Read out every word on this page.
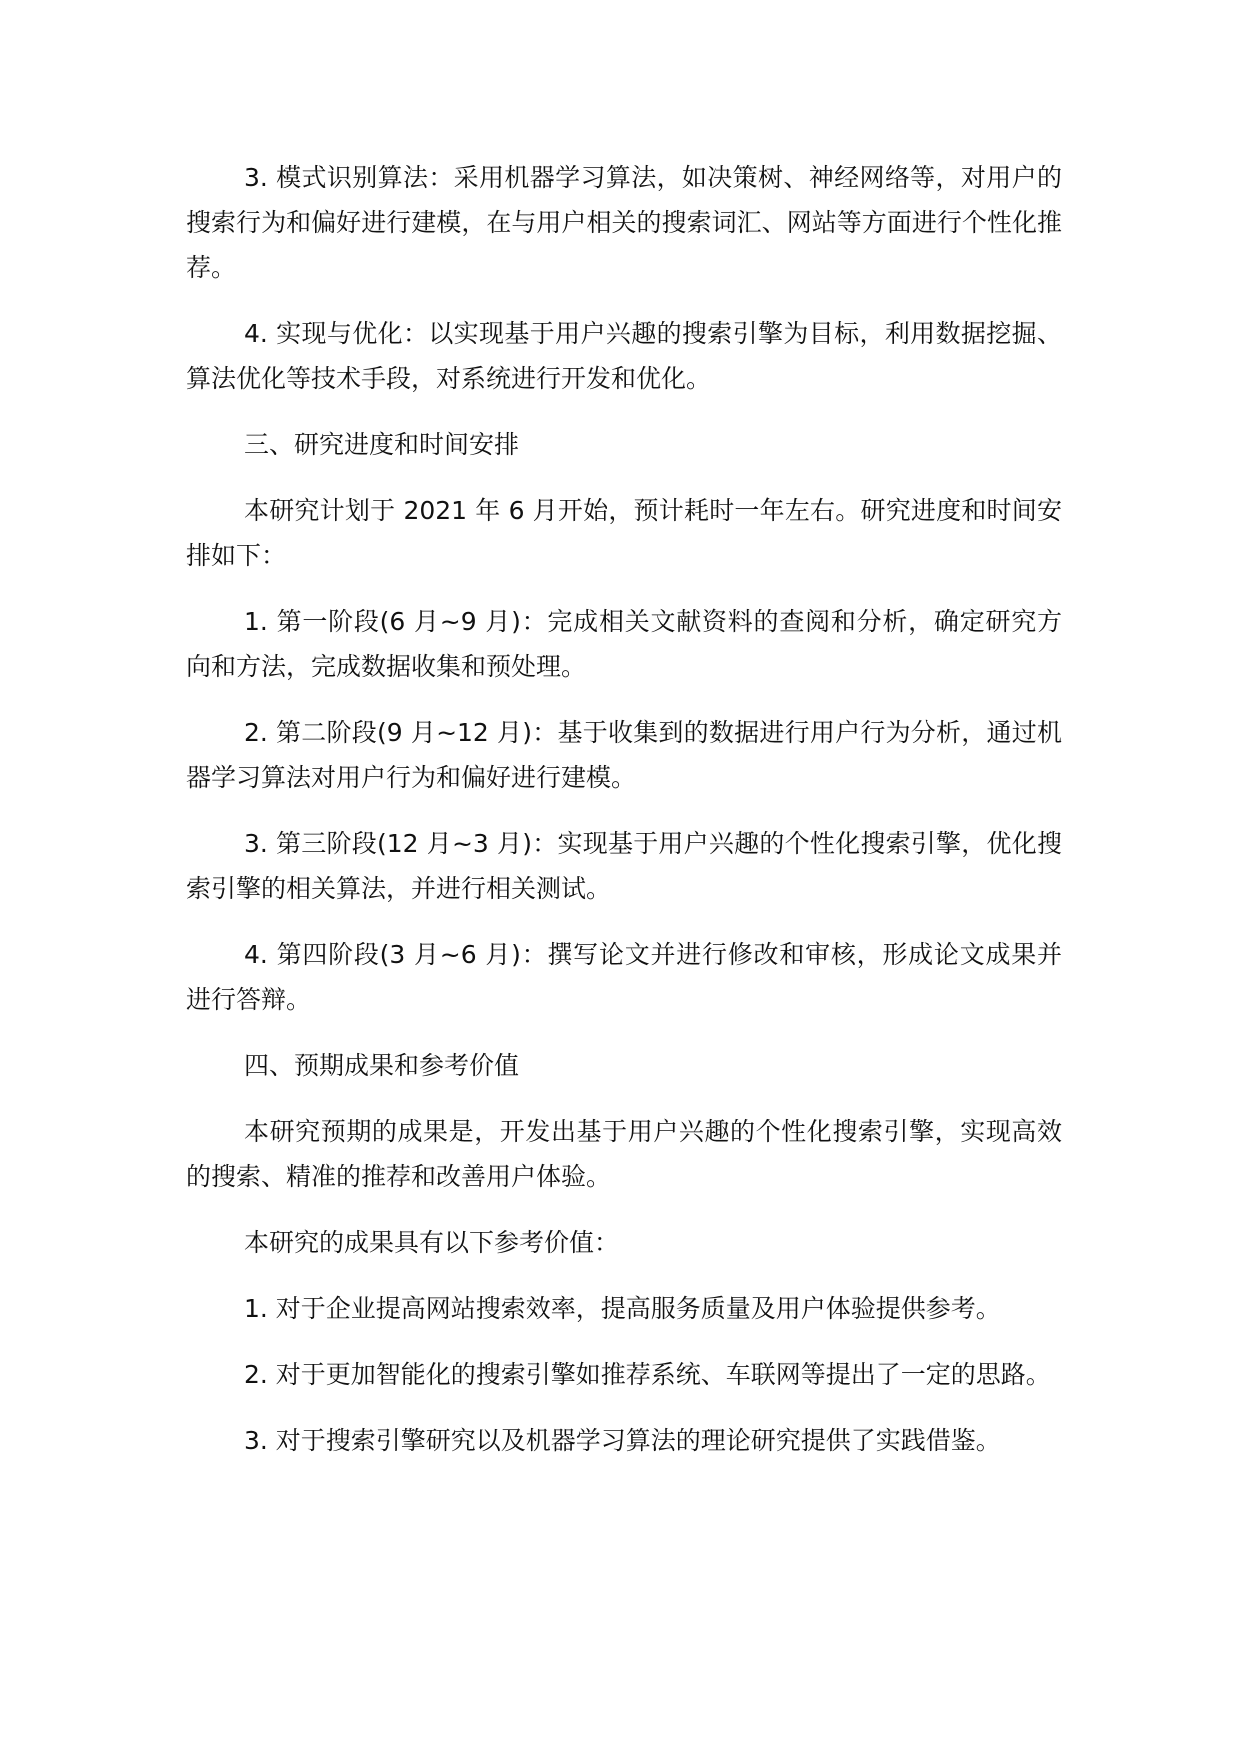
3. 模式识别算法：采用机器学习算法，如决策树、神经网络等，对用户的搜索行为和偏好进行建模，在与用户相关的搜索词汇、网站等方面进行个性化推荐。

4. 实现与优化：以实现基于用户兴趣的搜索引擎为目标，利用数据挖掘、算法优化等技术手段，对系统进行开发和优化。

三、研究进度和时间安排

本研究计划于 2021 年 6 月开始，预计耗时一年左右。研究进度和时间安排如下：

1. 第一阶段(6 月~9 月)：完成相关文献资料的查阅和分析，确定研究方向和方法，完成数据收集和预处理。

2. 第二阶段(9 月~12 月)：基于收集到的数据进行用户行为分析，通过机器学习算法对用户行为和偏好进行建模。

3. 第三阶段(12 月~3 月)：实现基于用户兴趣的个性化搜索引擎，优化搜索引擎的相关算法，并进行相关测试。

4. 第四阶段(3 月~6 月)：撰写论文并进行修改和审核，形成论文成果并进行答辩。

四、预期成果和参考价值

本研究预期的成果是，开发出基于用户兴趣的个性化搜索引擎，实现高效的搜索、精准的推荐和改善用户体验。

本研究的成果具有以下参考价值：

1. 对于企业提高网站搜索效率，提高服务质量及用户体验提供参考。

2. 对于更加智能化的搜索引擎如推荐系统、车联网等提出了一定的思路。

3. 对于搜索引擎研究以及机器学习算法的理论研究提供了实践借鉴。
